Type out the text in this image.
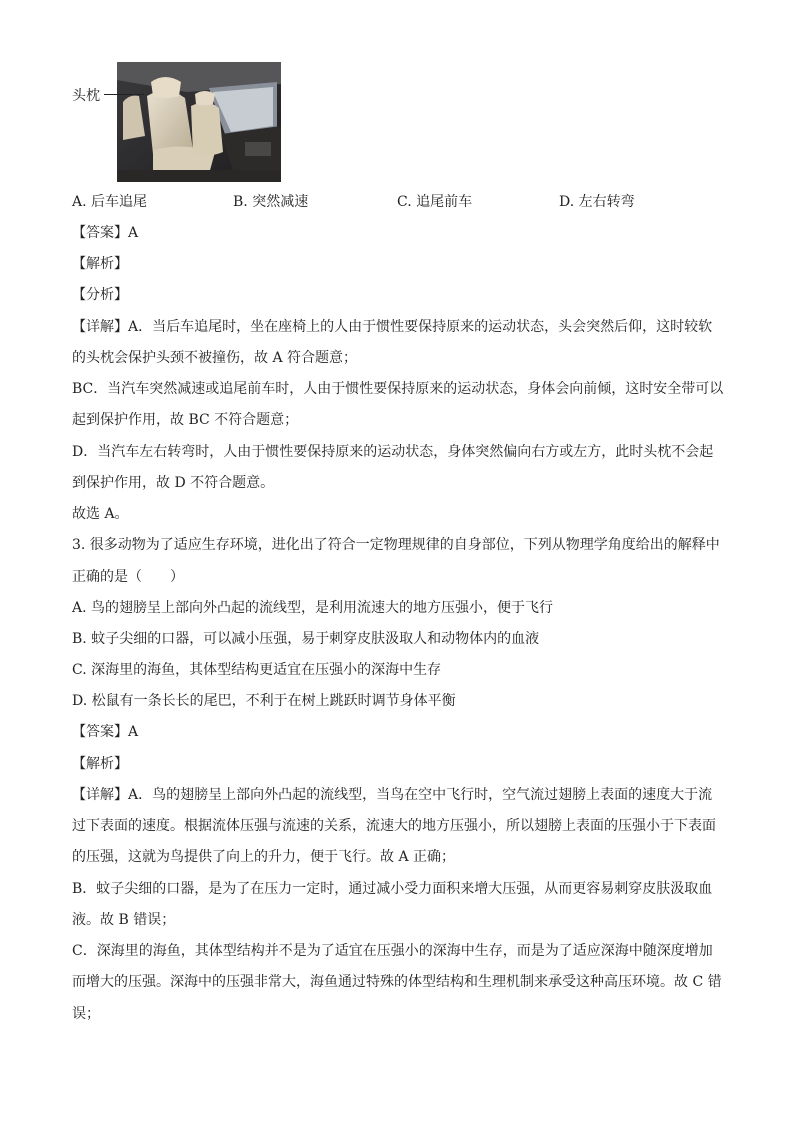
头枕
A. 后车追尾	B. 突然减速	C. 追尾前车	D. 左右转弯
【答案】A
【解析】
【分析】
【详解】A．当后车追尾时，坐在座椅上的人由于惯性要保持原来的运动状态，头会突然后仰，这时较软
的头枕会保护头颈不被撞伤，故 A 符合题意；
BC．当汽车突然减速或追尾前车时，人由于惯性要保持原来的运动状态，身体会向前倾，这时安全带可以
起到保护作用，故 BC 不符合题意；
D．当汽车左右转弯时，人由于惯性要保持原来的运动状态，身体突然偏向右方或左方，此时头枕不会起
到保护作用，故 D 不符合题意。
故选 A。
3. 很多动物为了适应生存环境，进化出了符合一定物理规律的自身部位，下列从物理学角度给出的解释中
正确的是（　　）
A. 鸟的翅膀呈上部向外凸起的流线型，是利用流速大的地方压强小，便于飞行
B. 蚊子尖细的口器，可以减小压强，易于刺穿皮肤汲取人和动物体内的血液
C. 深海里的海鱼，其体型结构更适宜在压强小的深海中生存
D. 松鼠有一条长长的尾巴，不利于在树上跳跃时调节身体平衡
【答案】A
【解析】
【详解】A．鸟的翅膀呈上部向外凸起的流线型，当鸟在空中飞行时，空气流过翅膀上表面的速度大于流
过下表面的速度。根据流体压强与流速的关系，流速大的地方压强小，所以翅膀上表面的压强小于下表面
的压强，这就为鸟提供了向上的升力，便于飞行。故 A 正确；
B．蚊子尖细的口器，是为了在压力一定时，通过减小受力面积来增大压强，从而更容易刺穿皮肤汲取血
液。故 B 错误；
C．深海里的海鱼，其体型结构并不是为了适宜在压强小的深海中生存，而是为了适应深海中随深度增加
而增大的压强。深海中的压强非常大，海鱼通过特殊的体型结构和生理机制来承受这种高压环境。故 C 错
误；
